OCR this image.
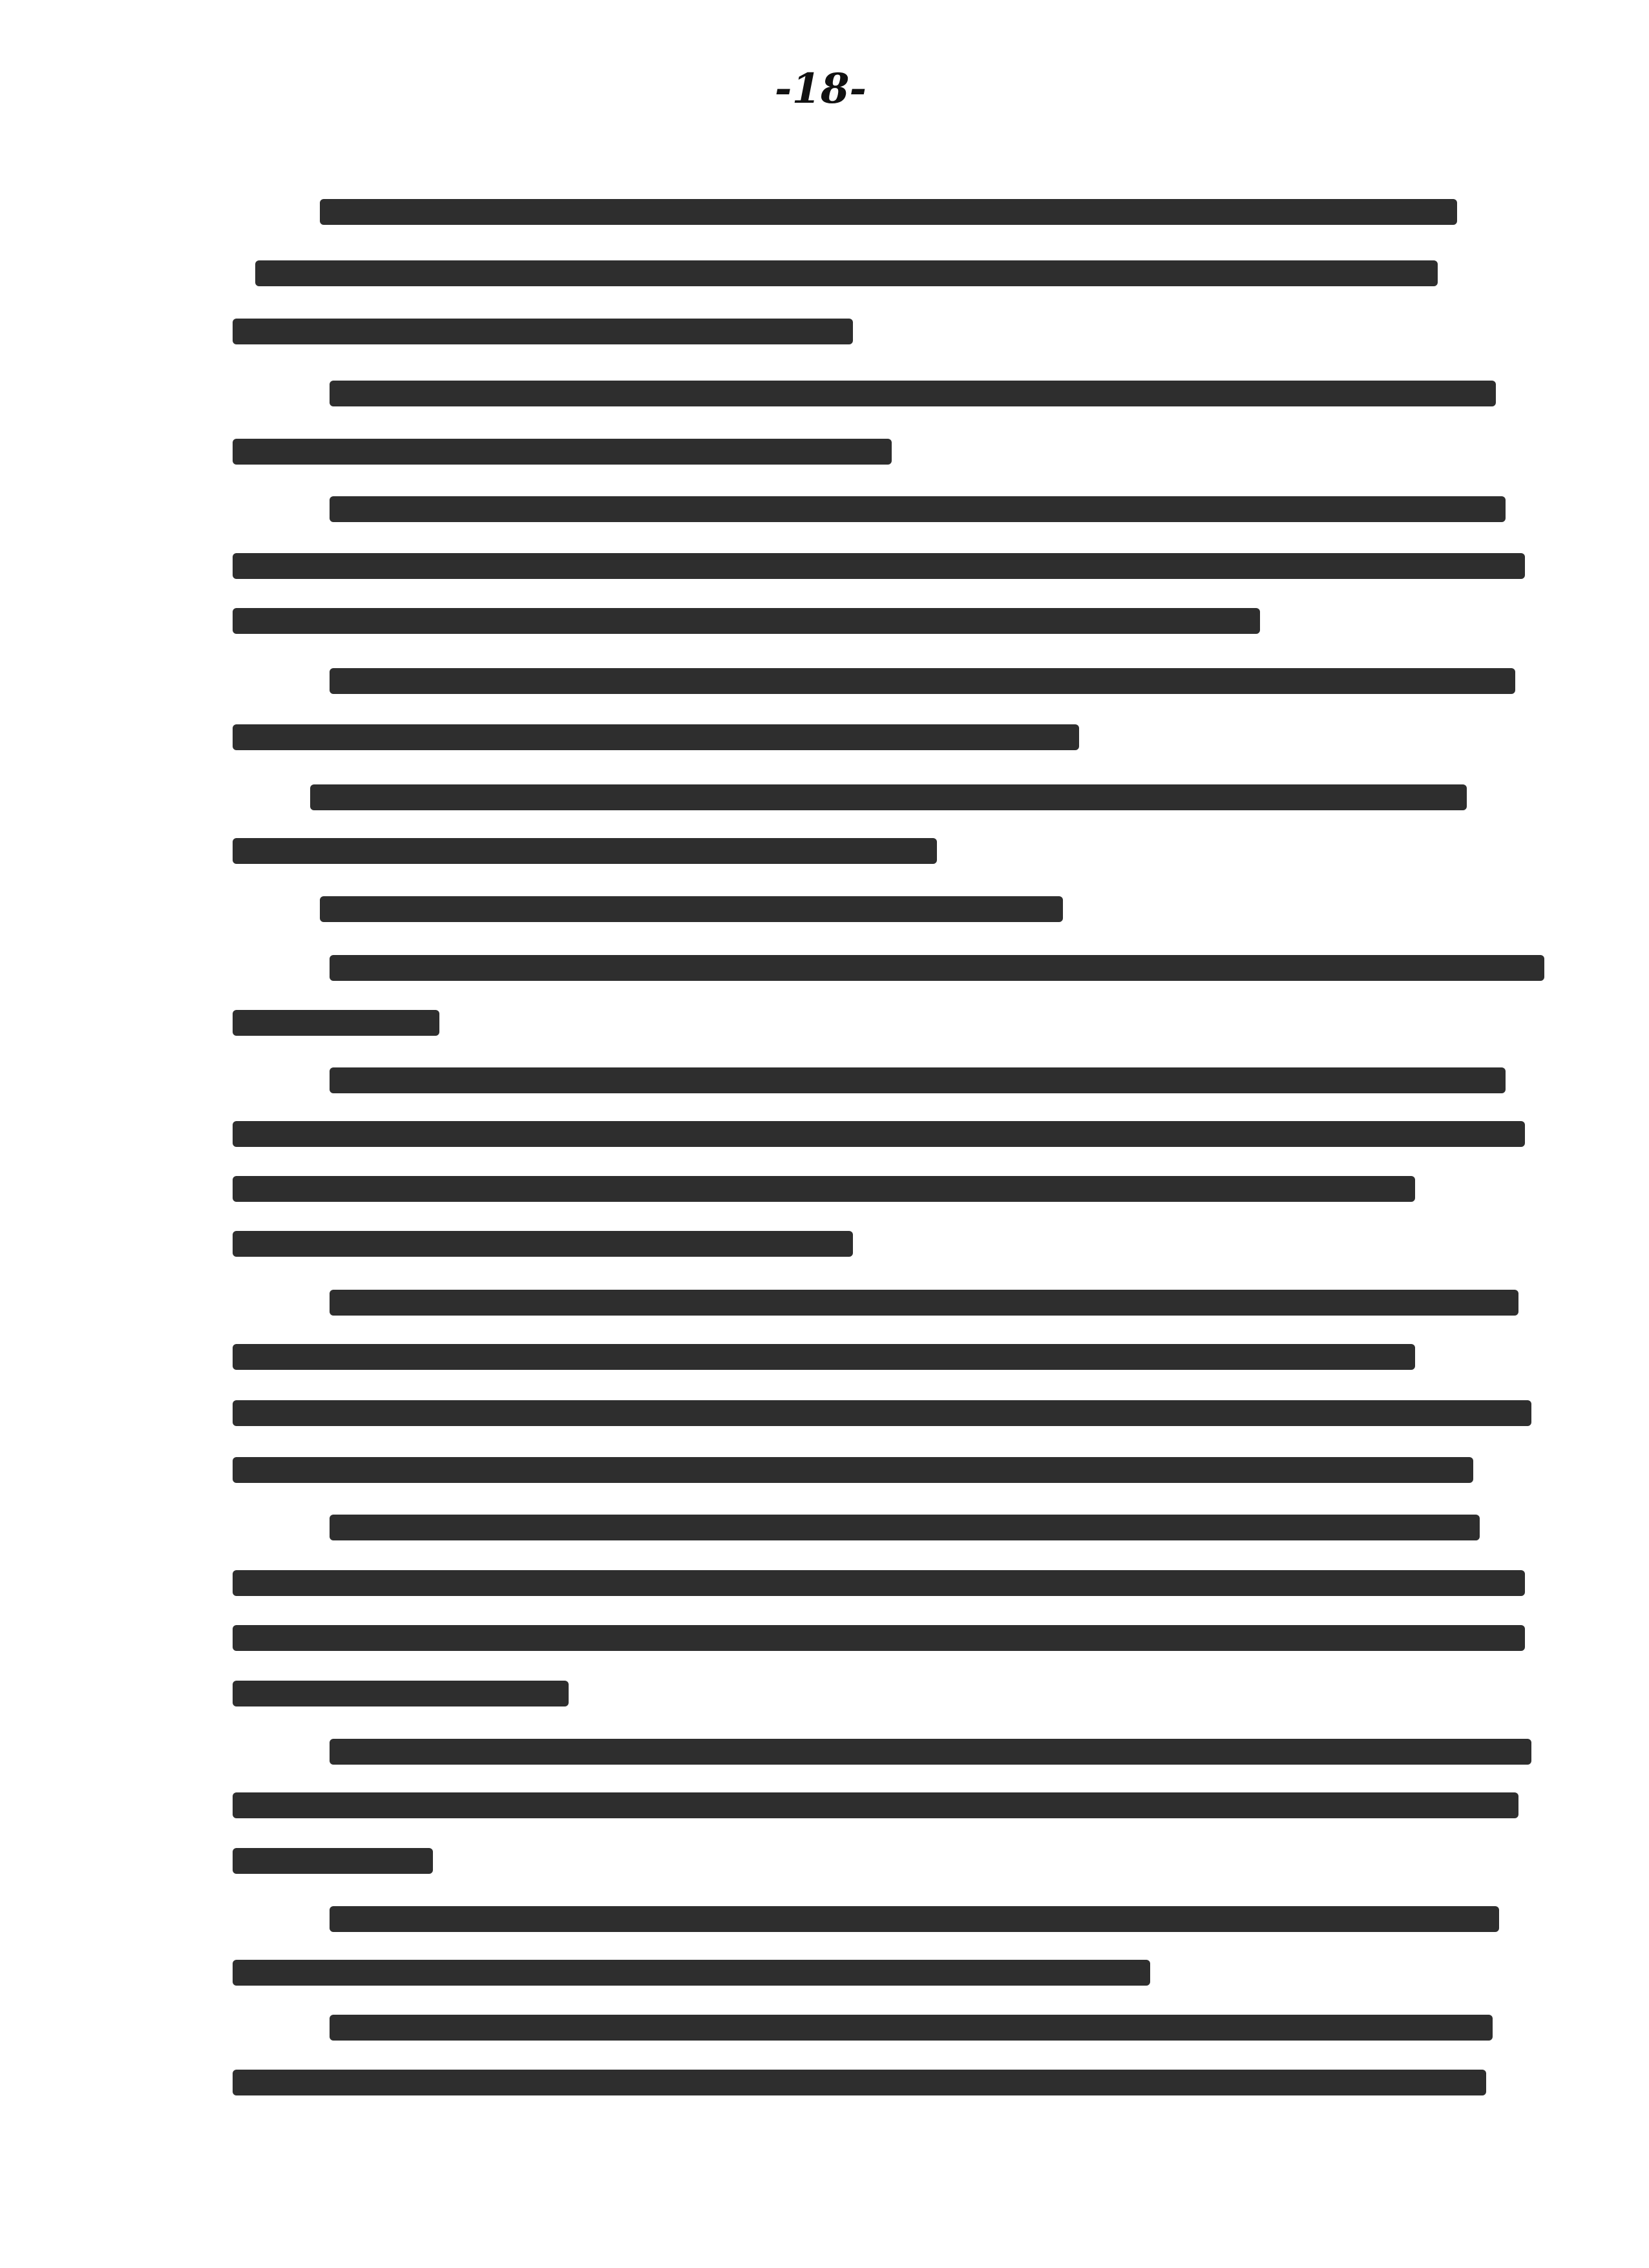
-18-
